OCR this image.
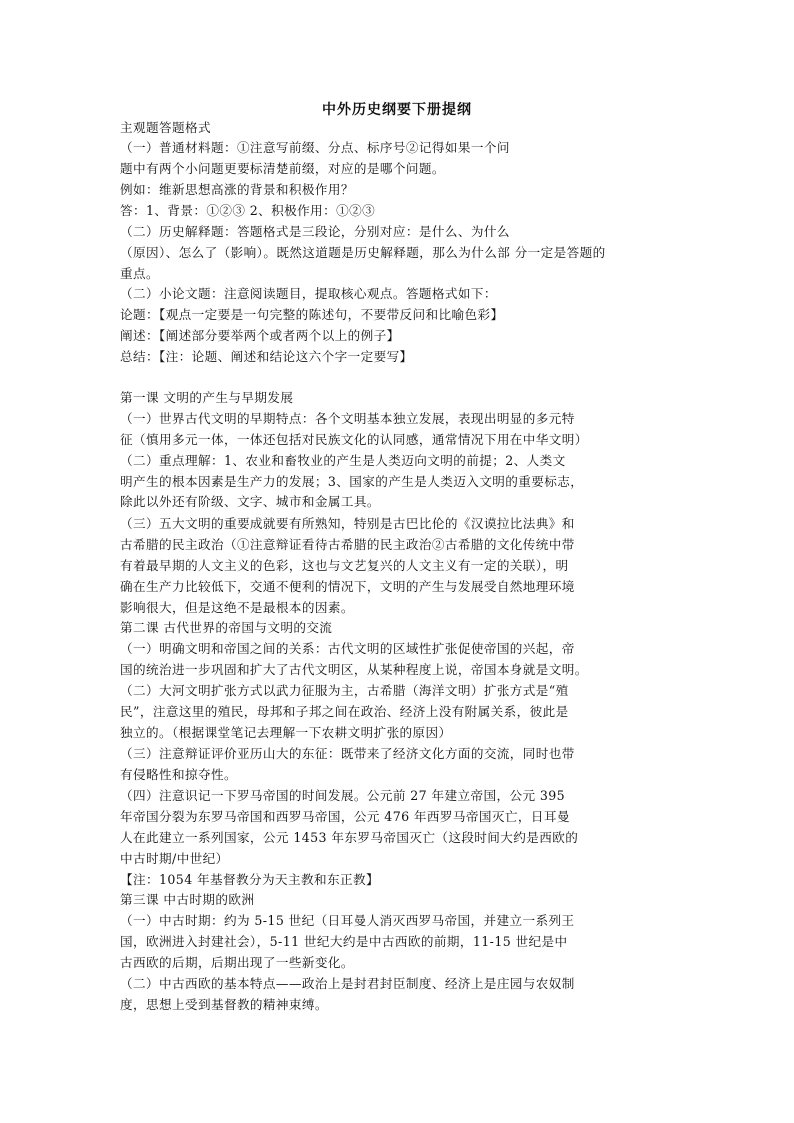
中外历史纲要下册提纲
主观题答题格式
（一）普通材料题：①注意写前缀、分点、标序号②记得如果一个问
题中有两个小问题更要标清楚前缀，对应的是哪个问题。
例如：维新思想高涨的背景和积极作用？
答：1、背景：①②③ 2、积极作用：①②③
（二）历史解释题：答题格式是三段论，分别对应：是什么、为什么
（原因）、怎么了（影响）。既然这道题是历史解释题，那么为什么部 分一定是答题的
重点。
（二）小论文题：注意阅读题目，提取核心观点。答题格式如下：
论题：【观点一定要是一句完整的陈述句，不要带反问和比喻色彩】
阐述：【阐述部分要举两个或者两个以上的例子】
总结：【注：论题、阐述和结论这六个字一定要写】
第一课 文明的产生与早期发展
（一）世界古代文明的早期特点：各个文明基本独立发展，表现出明显的多元特
征（慎用多元一体，一体还包括对民族文化的认同感，通常情况下用在中华文明）
（二）重点理解：1、农业和畜牧业的产生是人类迈向文明的前提；2、人类文
明产生的根本因素是生产力的发展；3、国家的产生是人类迈入文明的重要标志，
除此以外还有阶级、文字、城市和金属工具。
（三）五大文明的重要成就要有所熟知，特别是古巴比伦的《汉谟拉比法典》和
古希腊的民主政治（①注意辩证看待古希腊的民主政治②古希腊的文化传统中带
有着最早期的人文主义的色彩，这也与文艺复兴的人文主义有一定的关联），明
确在生产力比较低下，交通不便利的情况下，文明的产生与发展受自然地理环境
影响很大，但是这绝不是最根本的因素。
第二课 古代世界的帝国与文明的交流
（一）明确文明和帝国之间的关系：古代文明的区域性扩张促使帝国的兴起，帝
国的统治进一步巩固和扩大了古代文明区，从某种程度上说，帝国本身就是文明。
（二）大河文明扩张方式以武力征服为主，古希腊（海洋文明）扩张方式是“殖
民”，注意这里的殖民，母邦和子邦之间在政治、经济上没有附属关系，彼此是
独立的。（根据课堂笔记去理解一下农耕文明扩张的原因）
（三）注意辩证评价亚历山大的东征：既带来了经济文化方面的交流，同时也带
有侵略性和掠夺性。
（四）注意识记一下罗马帝国的时间发展。公元前 27 年建立帝国，公元 395
年帝国分裂为东罗马帝国和西罗马帝国，公元 476 年西罗马帝国灭亡，日耳曼
人在此建立一系列国家，公元 1453 年东罗马帝国灭亡（这段时间大约是西欧的
中古时期/中世纪）
【注：1054 年基督教分为天主教和东正教】
第三课 中古时期的欧洲
（一）中古时期：约为 5-15 世纪（日耳曼人消灭西罗马帝国，并建立一系列王
国，欧洲进入封建社会），5-11 世纪大约是中古西欧的前期，11-15 世纪是中
古西欧的后期，后期出现了一些新变化。
（二）中古西欧的基本特点——政治上是封君封臣制度、经济上是庄园与农奴制
度，思想上受到基督教的精神束缚。
